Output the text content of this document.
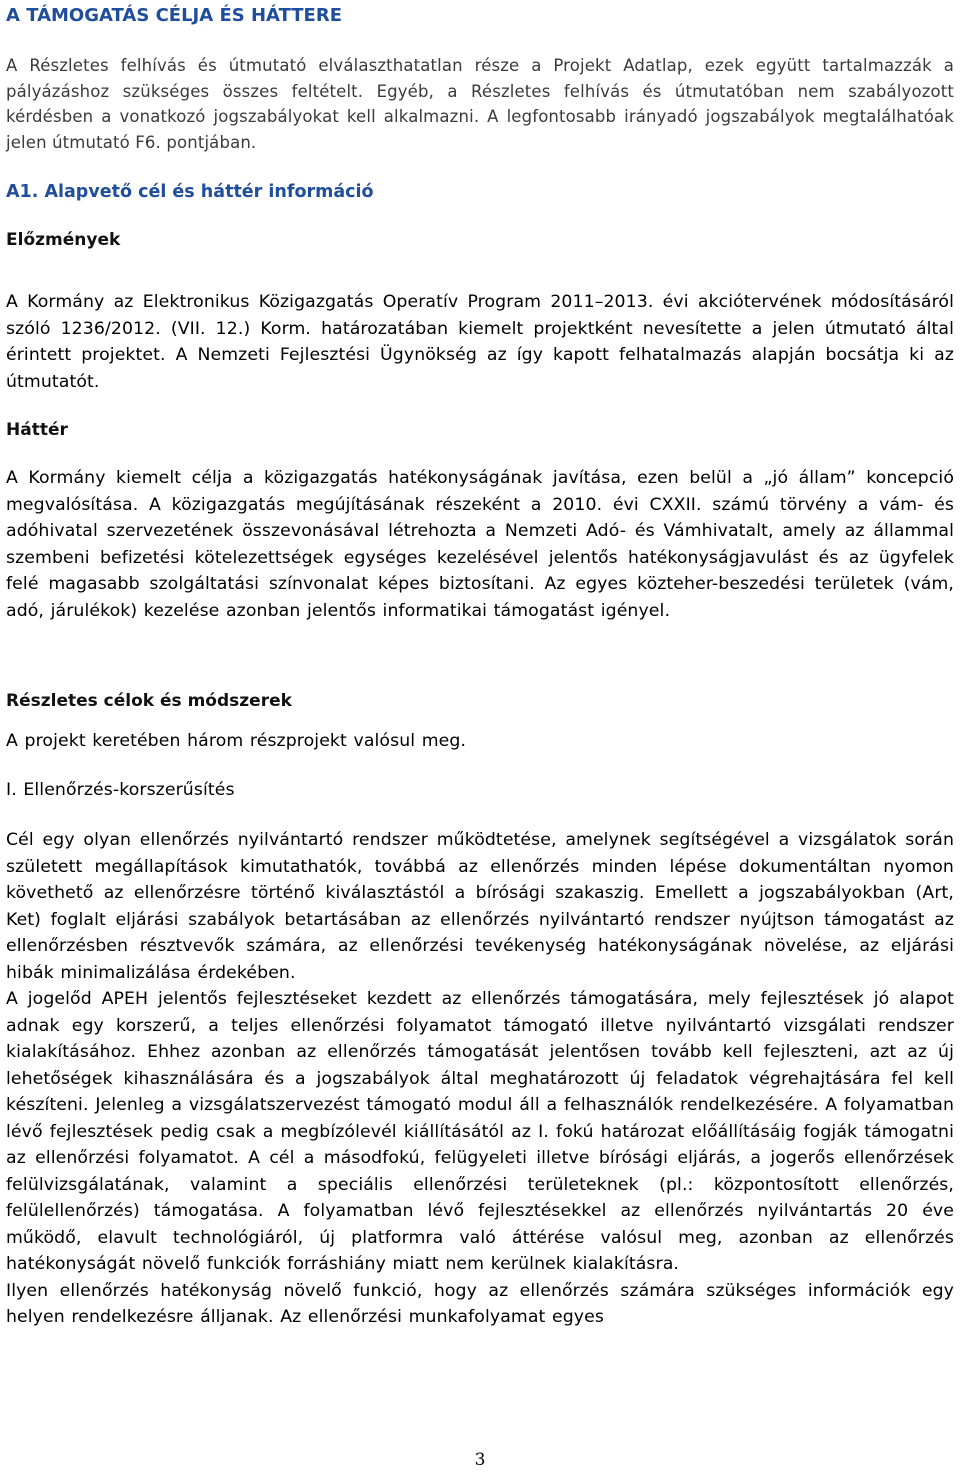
A TÁMOGATÁS CÉLJA ÉS HÁTTERE

A Részletes felhívás és útmutató elválaszthatatlan része a Projekt Adatlap, ezek együtt tartalmazzák a pályázáshoz szükséges összes feltételt. Egyéb, a Részletes felhívás és útmutatóban nem szabályozott kérdésben a vonatkozó jogszabályokat kell alkalmazni. A legfontosabb irányadó jogszabályok megtalálhatóak jelen útmutató F6. pontjában.

A1. Alapvető cél és háttér információ
Előzmények

A Kormány az Elektronikus Közigazgatás Operatív Program 2011–2013. évi akciótervének módosításáról szóló 1236/2012. (VII. 12.) Korm. határozatában kiemelt projektként nevesítette a jelen útmutató által érintett projektet. A Nemzeti Fejlesztési Ügynökség az így kapott felhatalmazás alapján bocsátja ki az útmutatót.

Háttér

A Kormány kiemelt célja a közigazgatás hatékonyságának javítása, ezen belül a „jó állam” koncepció megvalósítása. A közigazgatás megújításának részeként a 2010. évi CXXII. számú törvény a vám- és adóhivatal szervezetének összevonásával létrehozta a Nemzeti Adó- és Vámhivatalt, amely az állammal szembeni befizetési kötelezettségek egységes kezelésével jelentős hatékonyságjavulást és az ügyfelek felé magasabb szolgáltatási színvonalat képes biztosítani. Az egyes közteher-beszedési területek (vám, adó, járulékok) kezelése azonban jelentős informatikai támogatást igényel.

Részletes célok és módszerek

A projekt keretében három részprojekt valósul meg.

I. Ellenőrzés-korszerűsítés

Cél egy olyan ellenőrzés nyilvántartó rendszer működtetése, amelynek segítségével a vizsgálatok során született megállapítások kimutathatók, továbbá az ellenőrzés minden lépése dokumentáltan nyomon követhető az ellenőrzésre történő kiválasztástól a bírósági szakaszig. Emellett a jogszabályokban (Art, Ket) foglalt eljárási szabályok betartásában az ellenőrzés nyilvántartó rendszer nyújtson támogatást az ellenőrzésben résztvevők számára, az ellenőrzési tevékenység hatékonyságának növelése, az eljárási hibák minimalizálása érdekében.

A jogelőd APEH jelentős fejlesztéseket kezdett az ellenőrzés támogatására, mely fejlesztések jó alapot adnak egy korszerű, a teljes ellenőrzési folyamatot támogató illetve nyilvántartó vizsgálati rendszer kialakításához. Ehhez azonban az ellenőrzés támogatását jelentősen tovább kell fejleszteni, azt az új lehetőségek kihasználására és a jogszabályok által meghatározott új feladatok végrehajtására fel kell készíteni. Jelenleg a vizsgálatszervezést támogató modul áll a felhasználók rendelkezésére. A folyamatban lévő fejlesztések pedig csak a megbízólevél kiállításától az I. fokú határozat előállításáig fogják támogatni az ellenőrzési folyamatot. A cél a másodfokú, felügyeleti illetve bírósági eljárás, a jogerős ellenőrzések felülvizsgálatának, valamint a speciális ellenőrzési területeknek (pl.: központosított ellenőrzés, felülellenőrzés) támogatása. A folyamatban lévő fejlesztésekkel az ellenőrzés nyilvántartás 20 éve működő, elavult technológiáról, új platformra való áttérése valósul meg, azonban az ellenőrzés hatékonyságát növelő funkciók forráshiány miatt nem kerülnek kialakításra.

Ilyen ellenőrzés hatékonyság növelő funkció, hogy az ellenőrzés számára szükséges információk egy helyen rendelkezésre álljanak. Az ellenőrzési munkafolyamat egyes

3
